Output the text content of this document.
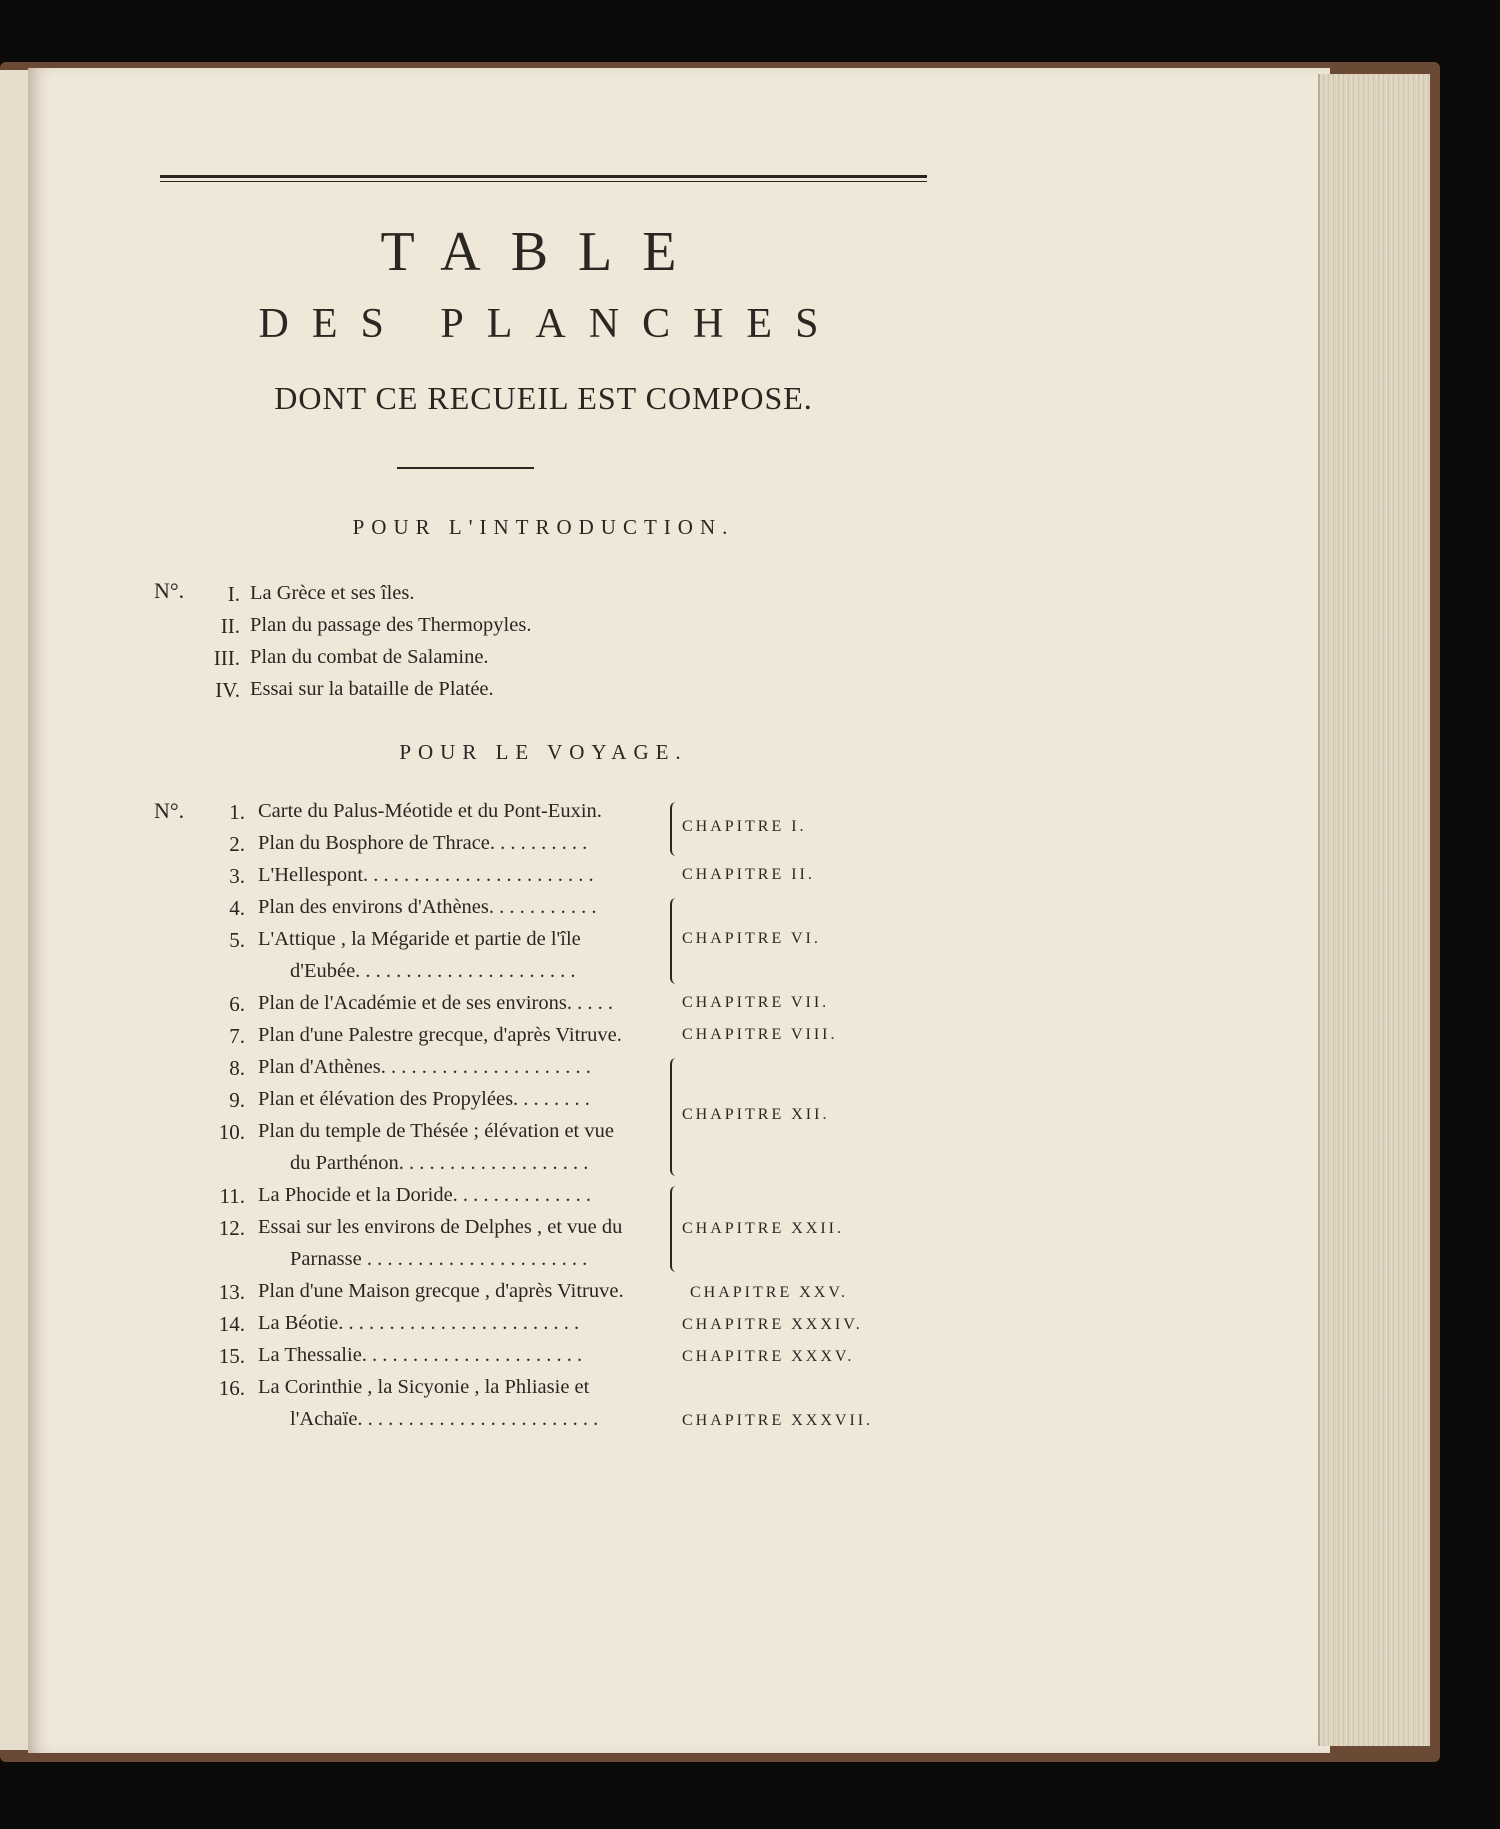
TABLE
DES PLANCHES
DONT CE RECUEIL EST COMPOSE.

POUR L'INTRODUCTION.

N°.	I. La Grèce et ses îles.
II. Plan du passage des Thermopyles.
III. Plan du combat de Salamine.
IV. Essai sur la bataille de Platée.

POUR LE VOYAGE.

N°.	1. Carte du Palus-Méotide et du Pont-Euxin.
2. Plan du Bosphore de Thrace. . . . . . . . . .
3. L'Hellespont. . . . . . . . . . . . . . . . . . . . . . .
4. Plan des environs d'Athènes. . . . . . . . . . .
5. L'Attique , la Mégaride et partie de l'île
d'Eubée. . . . . . . . . . . . . . . . . . . . . .
6. Plan de l'Académie et de ses environs. . . . .
7. Plan d'une Palestre grecque, d'après Vitruve.
8. Plan d'Athènes. . . . . . . . . . . . . . . . . . . . .
9. Plan et élévation des Propylées. . . . . . . .
10. Plan du temple de Thésée ; élévation et vue
du Parthénon. . . . . . . . . . . . . . . . . . .
11. La Phocide et la Doride. . . . . . . . . . . . . .
12. Essai sur les environs de Delphes , et vue du
Parnasse . . . . . . . . . . . . . . . . . . . . . .
13. Plan d'une Maison grecque , d'après Vitruve.
14. La Béotie. . . . . . . . . . . . . . . . . . . . . . . .
15. La Thessalie. . . . . . . . . . . . . . . . . . . . . .
16. La Corinthie , la Sicyonie , la Phliasie et
l'Achaïe. . . . . . . . . . . . . . . . . . . . . . . .
CHAPITRE I.
CHAPITRE II.
CHAPITRE VI.
CHAPITRE VII.
CHAPITRE VIII.
CHAPITRE XII.
CHAPITRE XXII.
CHAPITRE XXV.
CHAPITRE XXXIV.
CHAPITRE XXXV.
CHAPITRE XXXVII.
